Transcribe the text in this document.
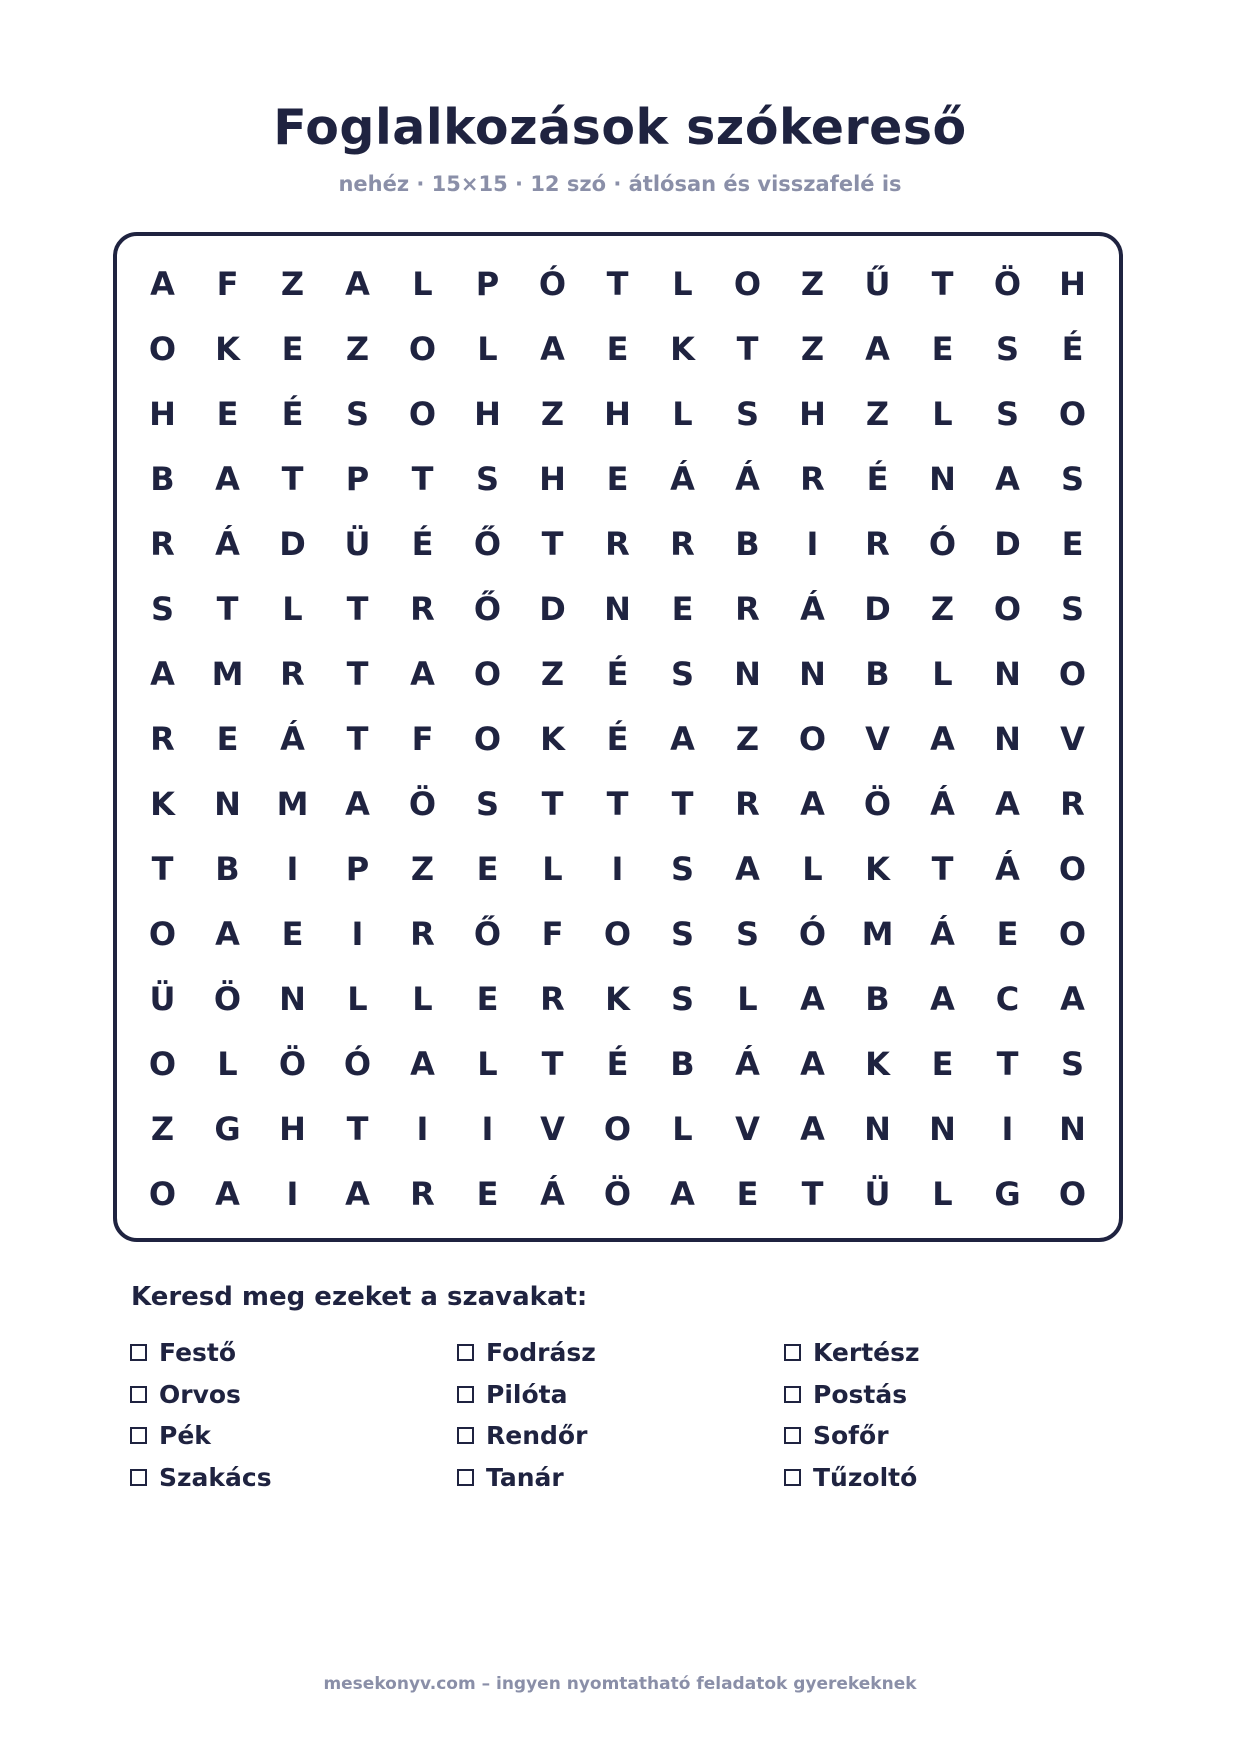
Foglalkozások szókereső
nehéz · 15×15 · 12 szó · átlósan és visszafelé is
A	F	Z	A	L	P	Ó	T	L	O	Z	Ű	T	Ö	H
O	K	E	Z	O	L	A	E	K	T	Z	A	E	S	É
H	E	É	S	O	H	Z	H	L	S	H	Z	L	S	O
B	A	T	P	T	S	H	E	Á	Á	R	É	N	A	S
R	Á	D	Ü	É	Ő	T	R	R	B	I	R	Ó	D	E
S	T	L	T	R	Ő	D	N	E	R	Á	D	Z	O	S
A	M	R	T	A	O	Z	É	S	N	N	B	L	N	O
R	E	Á	T	F	O	K	É	A	Z	O	V	A	N	V
K	N	M	A	Ö	S	T	T	T	R	A	Ö	Á	A	R
T	B	I	P	Z	E	L	I	S	A	L	K	T	Á	O
O	A	E	I	R	Ő	F	O	S	S	Ó	M	Á	E	O
Ü	Ö	N	L	L	E	R	K	S	L	A	B	A	C	A
O	L	Ö	Ó	A	L	T	É	B	Á	A	K	E	T	S
Z	G	H	T	I	I	V	O	L	V	A	N	N	I	N
O	A	I	A	R	E	Á	Ö	A	E	T	Ü	L	G	O
Keresd meg ezeket a szavakat:
Festő	Fodrász	Kertész
Orvos	Pilóta	Postás
Pék	Rendőr	Sofőr
Szakács	Tanár	Tűzoltó
mesekonyv.com – ingyen nyomtatható feladatok gyerekeknek
